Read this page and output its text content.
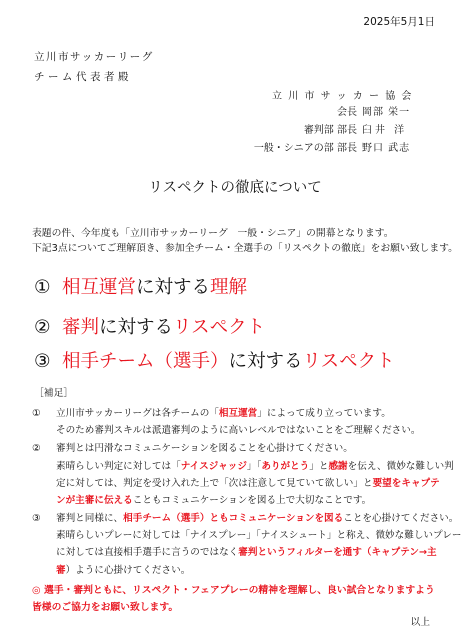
2025年5月1日
立川市サッカーリーグ
チーム代表者殿
立川市サッカー協会
会長 岡部 栄一
審判部 部長 臼井 洋
一般・シニアの部 部長 野口 武志
リスペクトの徹底について
表題の件、今年度も「立川市サッカーリーグ　一般・シニア」の開幕となります。
下記3点についてご理解頂き、参加全チーム・全選手の「リスペクトの徹底」をお願い致します。
① 相互運営に対する理解
② 審判に対するリスペクト
③ 相手チーム（選手）に対するリスペクト
［補足］
① 立川市サッカーリーグは各チームの「相互運営」によって成り立っています。
そのため審判スキルは派遣審判のように高いレベルではないことをご理解ください。
② 審判とは円滑なコミュニケーションを図ることを心掛けてください。
素晴らしい判定に対しては「ナイスジャッジ」「ありがとう」と感謝を伝え、微妙な難しい判
定に対しては、判定を受け入れた上で「次は注意して見ていて欲しい」と要望をキャプテ
ンが主審に伝えることもコミュニケーションを図る上で大切なことです。
③ 審判と同様に、相手チーム（選手）ともコミュニケーションを図ることを心掛けてください。
素晴らしいプレーに対しては「ナイスプレー」「ナイスシュート」と称え、微妙な難しいプレー
に対しては直接相手選手に言うのではなく審判というフィルターを通す（キャプテン→主
審）ように心掛けてください。
◎ 選手・審判ともに、リスペクト・フェアプレーの精神を理解し、良い試合となりますよう
皆様のご協力をお願い致します。
以上
